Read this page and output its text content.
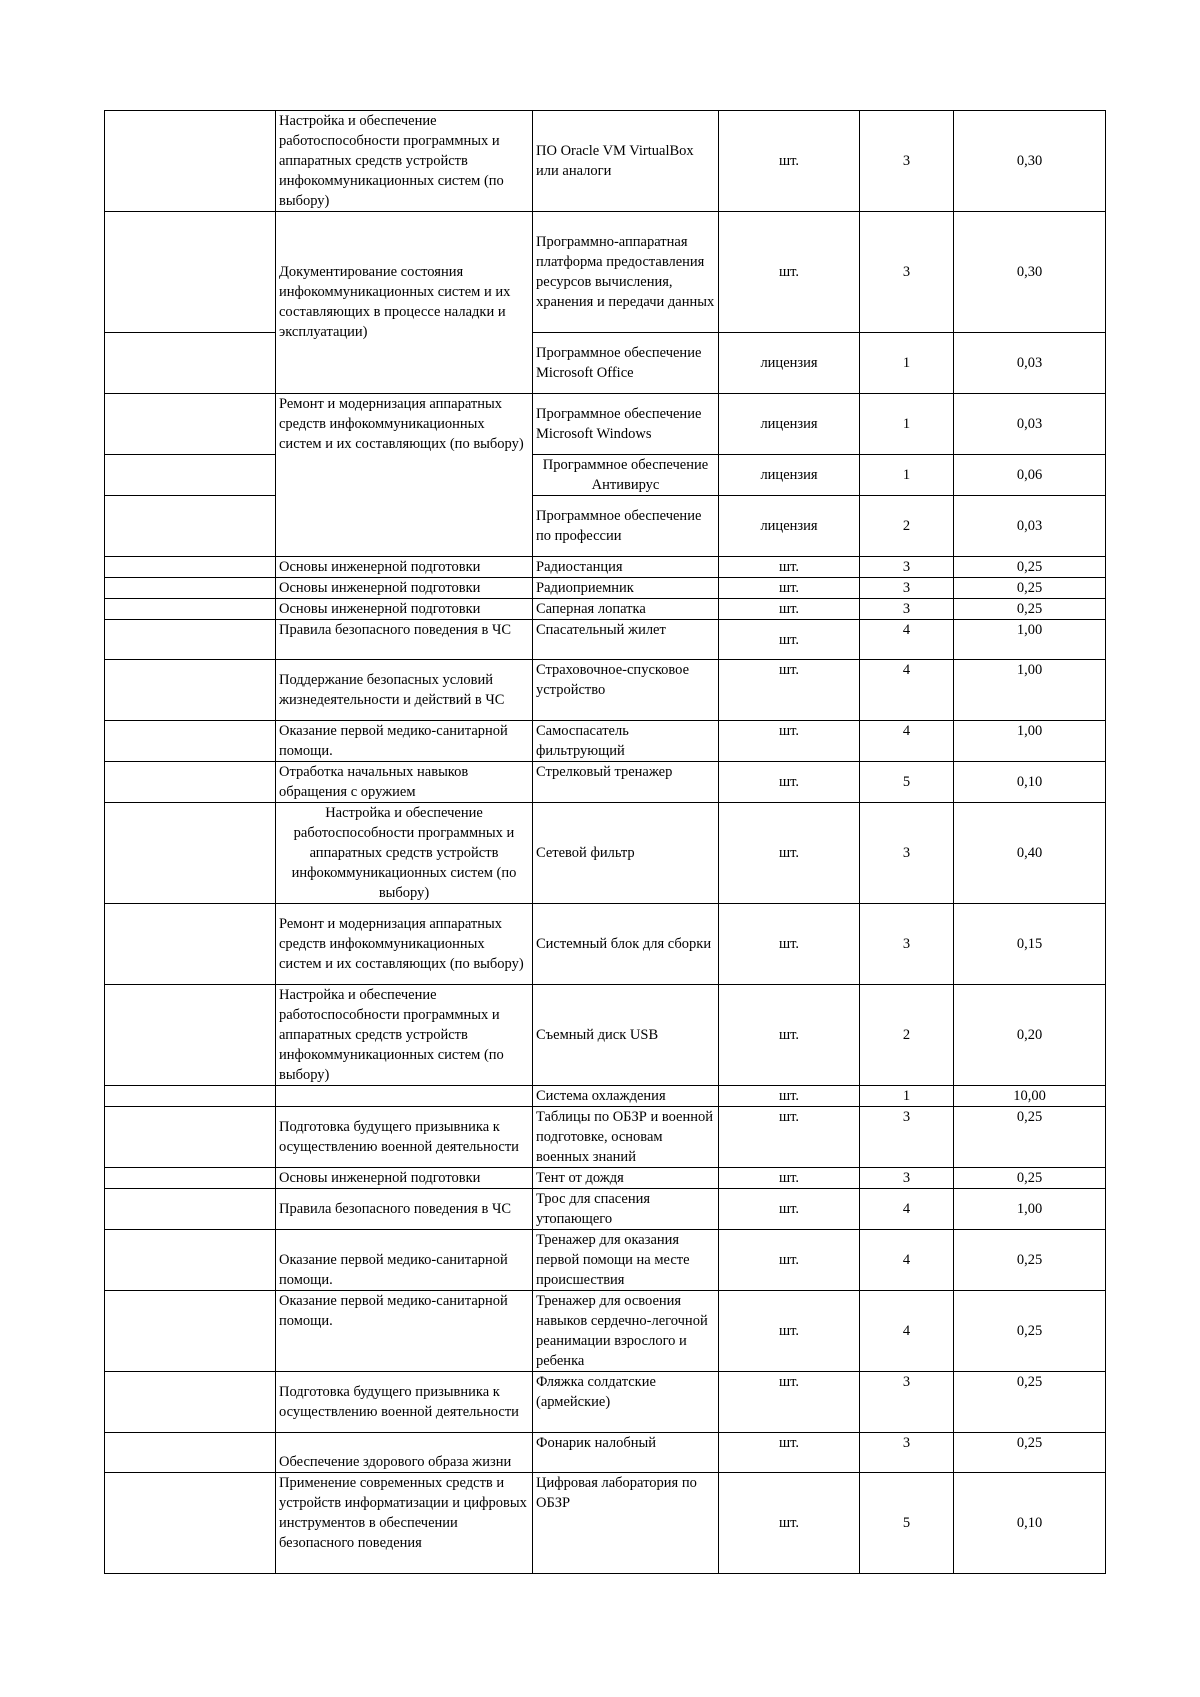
	Настройка и обеспечение работоспособности программных и аппаратных средств устройств инфокоммуникационных систем (по выбору)	ПО Oracle VM VirtualBox или аналоги	шт.	3	0,30
	Документирование состояния инфокоммуникационных систем и их составляющих в процессе наладки и эксплуатации)	Программно-аппаратная платформа предоставления ресурсов вычисления, хранения и передачи данных	шт.	3	0,30
		Программное обеспечение Microsoft Office	лицензия	1	0,03
	Ремонт и модернизация аппаратных средств инфокоммуникационных систем и их составляющих (по выбору)	Программное обеспечение Microsoft Windows	лицензия	1	0,03
		Программное обеспечение Антивирус	лицензия	1	0,06
		Программное обеспечение по профессии	лицензия	2	0,03
	Основы инженерной подготовки	Радиостанция	шт.	3	0,25
	Основы инженерной подготовки	Радиоприемник	шт.	3	0,25
	Основы инженерной подготовки	Саперная лопатка	шт.	3	0,25
	Правила безопасного поведения в ЧС	Спасательный жилет	шт.	4	1,00
	Поддержание безопасных условий жизнедеятельности и действий в ЧС	Страховочное-спусковое устройство	шт.	4	1,00
	Оказание первой медико-санитарной помощи.	Самоспасатель фильтрующий	шт.	4	1,00
	Отработка начальных навыков обращения с оружием	Стрелковый тренажер	шт.	5	0,10
	Настройка и обеспечение работоспособности программных и аппаратных средств устройств инфокоммуникационных систем (по выбору)	Сетевой фильтр	шт.	3	0,40
	Ремонт и модернизация аппаратных средств инфокоммуникационных систем и их составляющих (по выбору)	Системный блок для сборки	шт.	3	0,15
	Настройка и обеспечение работоспособности программных и аппаратных средств устройств инфокоммуникационных систем (по выбору)	Съемный диск USB	шт.	2	0,20
		Система охлаждения	шт.	1	10,00
	Подготовка будущего призывника к осуществлению военной деятельности	Таблицы по ОБЗР и военной подготовке, основам военных знаний	шт.	3	0,25
	Основы инженерной подготовки	Тент от дождя	шт.	3	0,25
	Правила безопасного поведения в ЧС	Трос для спасения утопающего	шт.	4	1,00
	Оказание первой медико-санитарной помощи.	Тренажер для оказания первой помощи на месте происшествия	шт.	4	0,25
	Оказание первой медико-санитарной помощи.	Тренажер для освоения навыков сердечно-легочной реанимации взрослого и ребенка	шт.	4	0,25
	Подготовка будущего призывника к осуществлению военной деятельности	Фляжка солдатские (армейские)	шт.	3	0,25
	Обеспечение здорового образа жизни	Фонарик налобный	шт.	3	0,25
	Применение современных средств и устройств информатизации и цифровых инструментов в обеспечении безопасного поведения	Цифровая лаборатория по ОБЗР	шт.	5	0,10
